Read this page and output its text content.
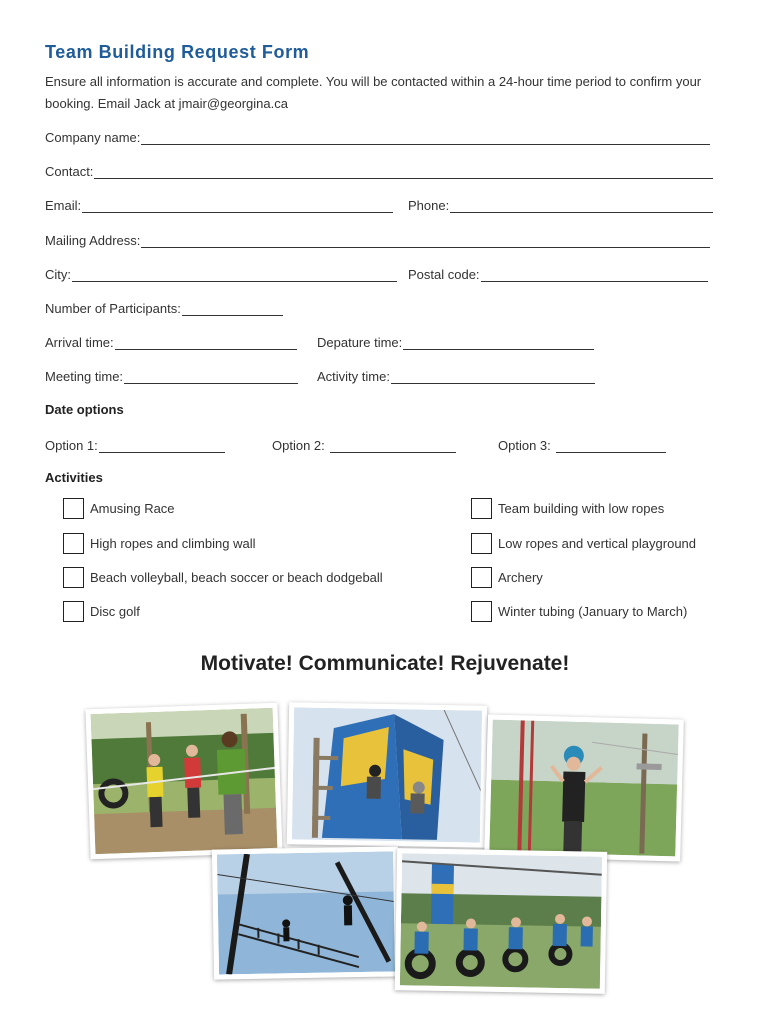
Team Building Request Form
Ensure all information is accurate and complete. You will be contacted within a 24-hour time period to confirm your booking. Email Jack at jmair@georgina.ca
Company name:
Contact:
Email:	Phone:
Mailing Address:
City:	Postal code:
Number of Participants:
Arrival time:	Depature time:
Meeting time:	Activity time:
Date options
Option 1:	Option 2:	Option 3:
Activities
Amusing Race	Team building with low ropes
High ropes and climbing wall	Low ropes and vertical playground
Beach volleyball, beach soccer or beach dodgeball	Archery
Disc golf	Winter tubing (January to March)
Motivate! Communicate! Rejuvenate!
